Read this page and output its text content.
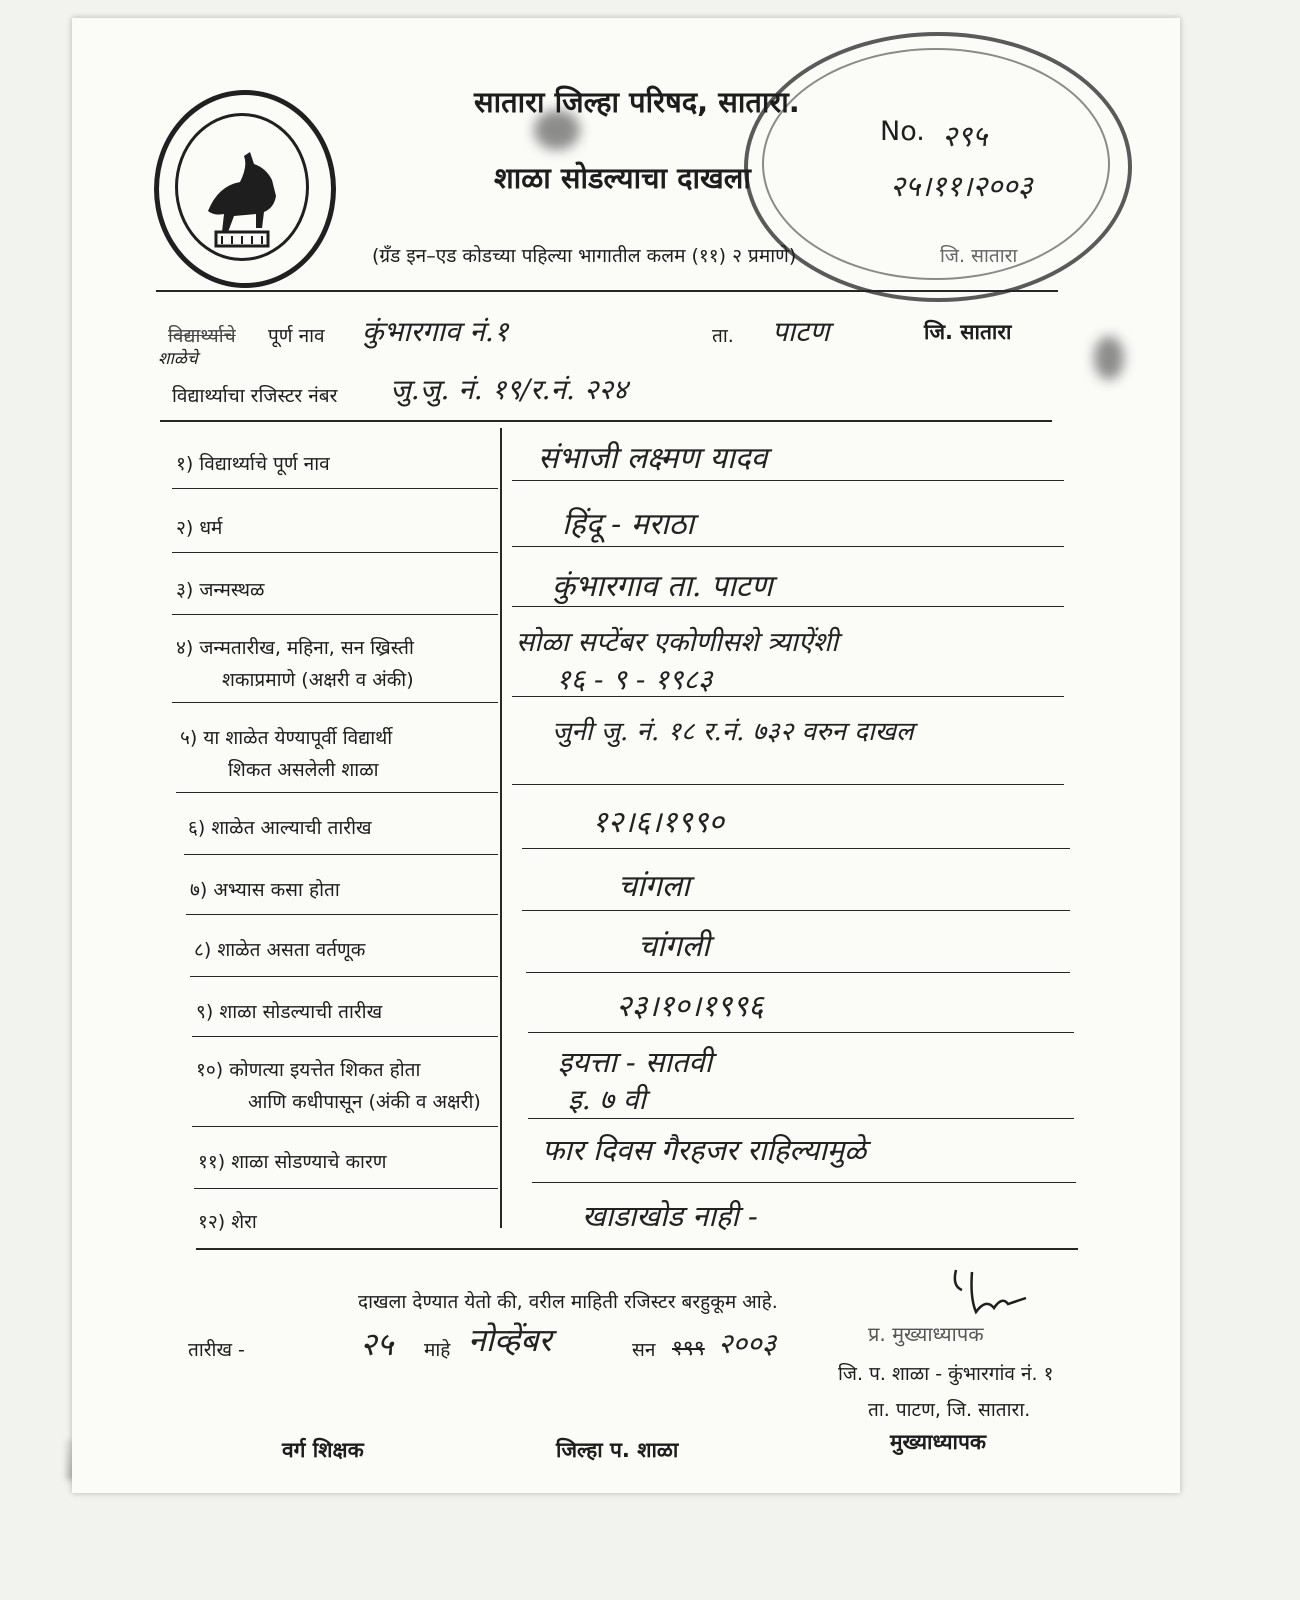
सातारा जिल्हा परिषद, सातारा.
शाळा सोडल्याचा दाखला
(ग्रँड इन–एड कोडच्या पहिल्या भागातील कलम (११) २ प्रमाणे)
No. २९५
२५।११।२००३
जि. सातारा
विद्यार्थ्याचे
शाळेचे
पूर्ण नाव कुंभारगाव नं.१	ता. पाटण	जि. सातारा
विद्यार्थ्याचा रजिस्टर नंबर जु.जु. नं. १९/र.नं. २२४
१) विद्यार्थ्याचे पूर्ण नाव	संभाजी लक्ष्मण यादव
२) धर्म	हिंदू - मराठा
३) जन्मस्थळ	कुंभारगाव ता. पाटण
४) जन्मतारीख, महिना, सन ख्रिस्ती
शकाप्रमाणे (अक्षरी व अंकी)
सोळा सप्टेंबर एकोणीसशे त्र्याऐंशी
१६ - ९ - १९८३
५) या शाळेत येण्यापूर्वी विद्यार्थी
शिकत असलेली शाळा
जुनी जु. नं. १८ र.नं. ७३२ वरुन दाखल
६) शाळेत आल्याची तारीख	१२।६।१९९०
७) अभ्यास कसा होता	चांगला
८) शाळेत असता वर्तणूक	चांगली
९) शाळा सोडल्याची तारीख	२३।१०।१९९६
१०) कोणत्या इयत्तेत शिकत होता
आणि कधीपासून (अंकी व अक्षरी)
इयत्ता - सातवी
इ. ७ वी
११) शाळा सोडण्याचे कारण	फार दिवस गैरहजर राहिल्यामुळे
१२) शेरा	खाडाखोड नाही -
दाखला देण्यात येतो की, वरील माहिती रजिस्टर बरहुकूम आहे.
तारीख -	२५ माहे नोव्हेंबर	सन १९९ २००३	प्र. मुख्याध्यापक
जि. प. शाळा - कुंभारगांव नं. १
ता. पाटण, जि. सातारा.
वर्ग शिक्षक	जिल्हा प. शाळा	मुख्याध्यापक
